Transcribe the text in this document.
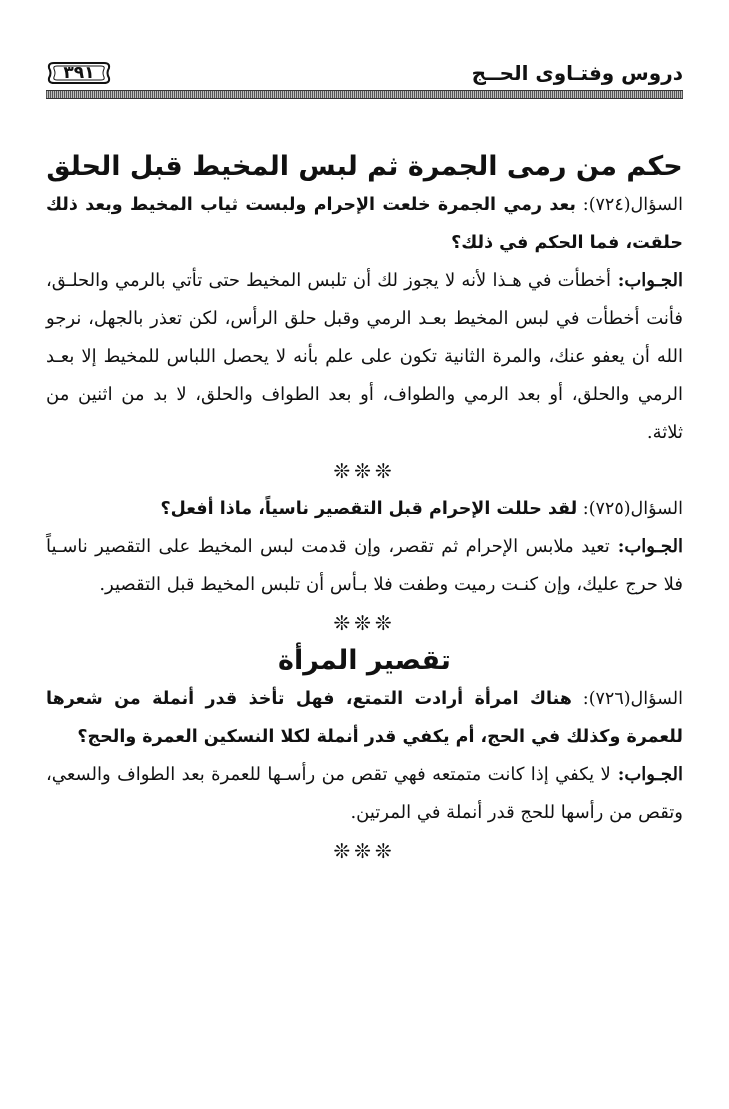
دروس وفتـاوى الحــج
٣٩١
حكم من رمى الجمرة ثم لبس المخيط قبل الحلق

السؤال(٧٢٤): بعد رمي الجمرة خلعت الإحرام ولبست ثياب المخيط وبعد ذلك حلقت، فما الحكم في ذلك؟

الجـواب: أخطأت في هـذا لأنه لا يجوز لك أن تلبس المخيط حتى تأتي بالرمي والحلـق، فأنت أخطأت في لبس المخيط بعـد الرمي وقبل حلق الرأس، لكن تعذر بالجهل، نرجو الله أن يعفو عنك، والمرة الثانية تكون على علم بأنه لا يحصل اللباس للمخيط إلا بعـد الرمي والحلق، أو بعد الرمي والطواف، أو بعد الطواف والحلق، لا بد من اثنين من ثلاثة.

❊❊❊

السؤال(٧٢٥): لقد حللت الإحرام قبل التقصير ناسياً، ماذا أفعل؟

الجـواب: تعيد ملابس الإحرام ثم تقصر، وإن قدمت لبس المخيط على التقصير ناسـياً فلا حرج عليك، وإن كنـت رميت وطفت فلا بـأس أن تلبس المخيط قبل التقصير.

❊❊❊

تقصير المرأة

السؤال(٧٢٦): هناك امرأة أرادت التمتع، فهل تأخذ قدر أنملة من شعرها للعمرة وكذلك في الحج، أم يكفي قدر أنملة لكلا النسكين العمرة والحج؟

الجـواب: لا يكفي إذا كانت متمتعه فهي تقص من رأسـها للعمرة بعد الطواف والسعي، وتقص من رأسها للحج قدر أنملة في المرتين.

❊❊❊
